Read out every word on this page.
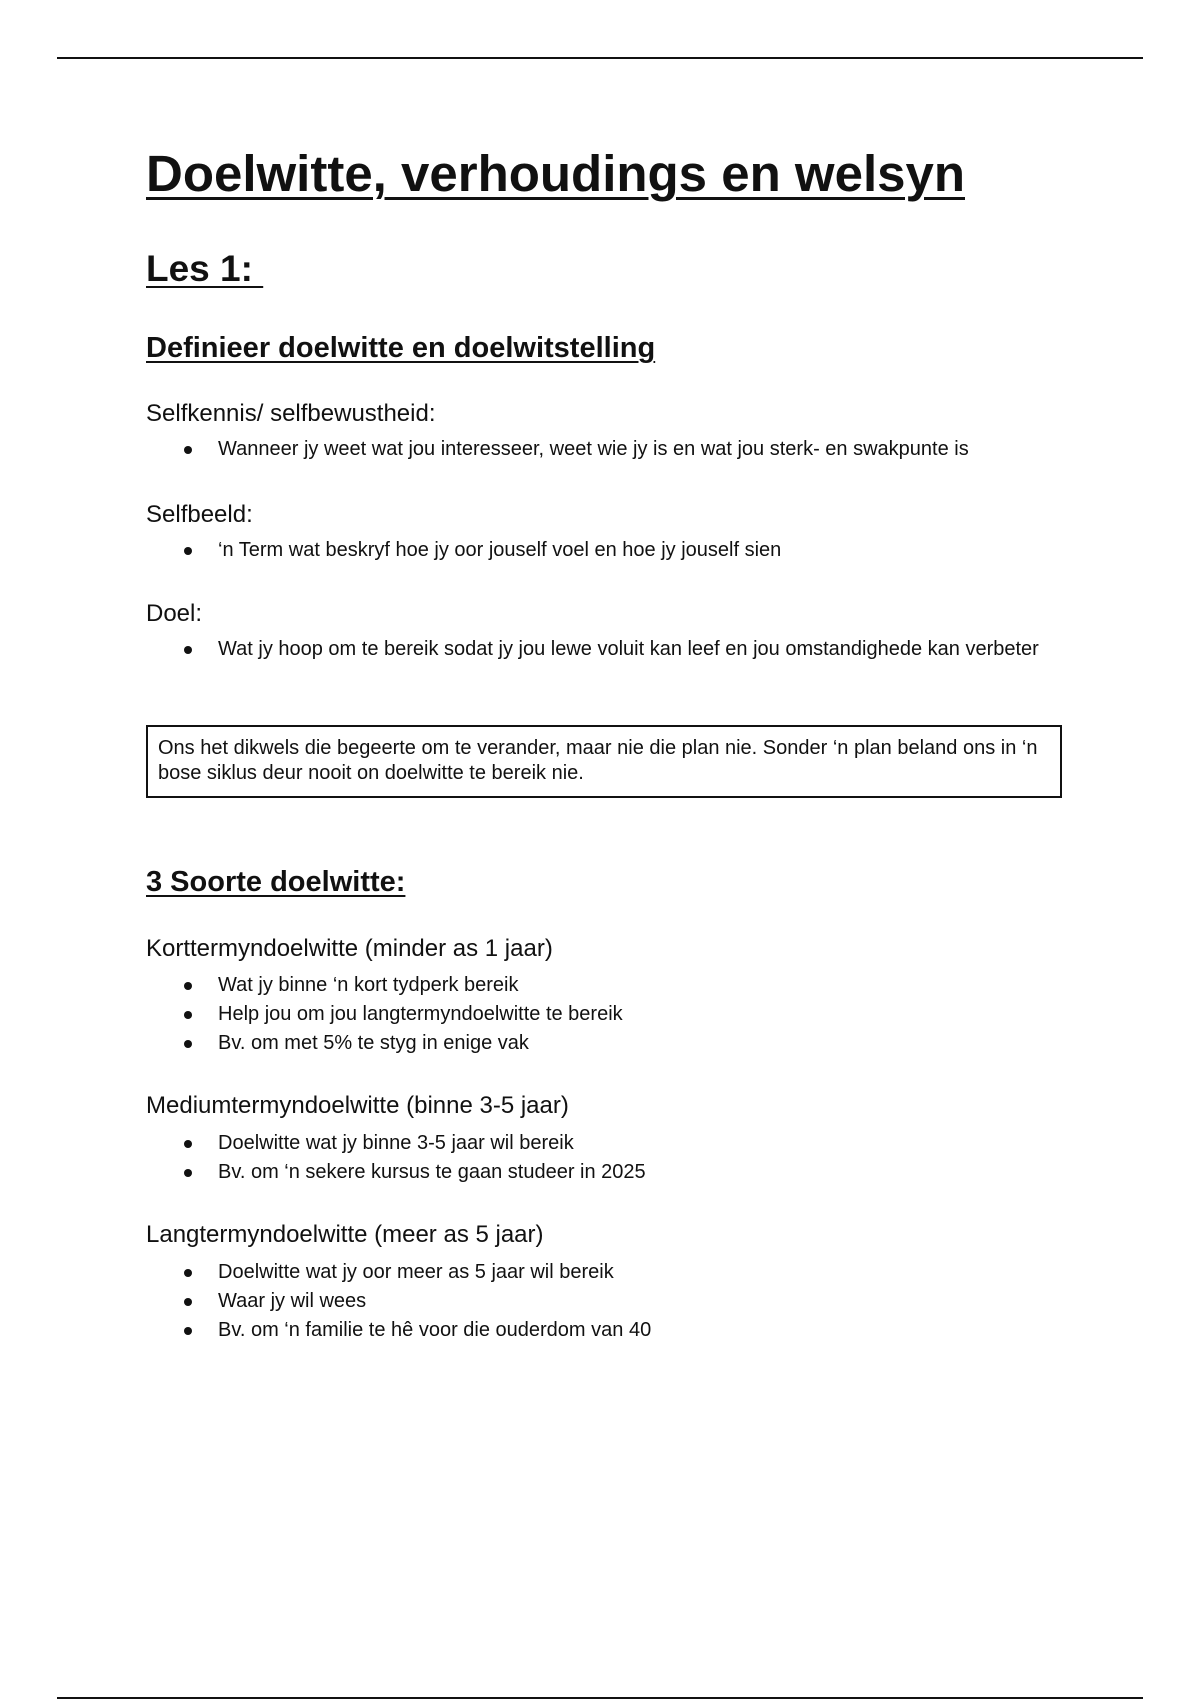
Doelwitte, verhoudings en welsyn
Les 1:
Definieer doelwitte en doelwitstelling
Selfkennis/ selfbewustheid:
Wanneer jy weet wat jou interesseer, weet wie jy is en wat jou sterk- en swakpunte is
Selfbeeld:
‘n Term wat beskryf hoe jy oor jouself voel en hoe jy jouself sien
Doel:
Wat jy hoop om te bereik sodat jy jou lewe voluit kan leef en jou omstandighede kan verbeter
Ons het dikwels die begeerte om te verander, maar nie die plan nie. Sonder ‘n plan beland ons in ‘n bose siklus deur nooit on doelwitte te bereik nie.
3 Soorte doelwitte:
Korttermyndoelwitte (minder as 1 jaar)
Wat jy binne ‘n kort tydperk bereik
Help jou om jou langtermyndoelwitte te bereik
Bv. om met 5% te styg in enige vak
Mediumtermyndoelwitte (binne 3-5 jaar)
Doelwitte wat jy binne 3-5 jaar wil bereik
Bv. om ‘n sekere kursus te gaan studeer in 2025
Langtermyndoelwitte (meer as 5 jaar)
Doelwitte wat jy oor meer as 5 jaar wil bereik
Waar jy wil wees
Bv. om ‘n familie te hê voor die ouderdom van 40
